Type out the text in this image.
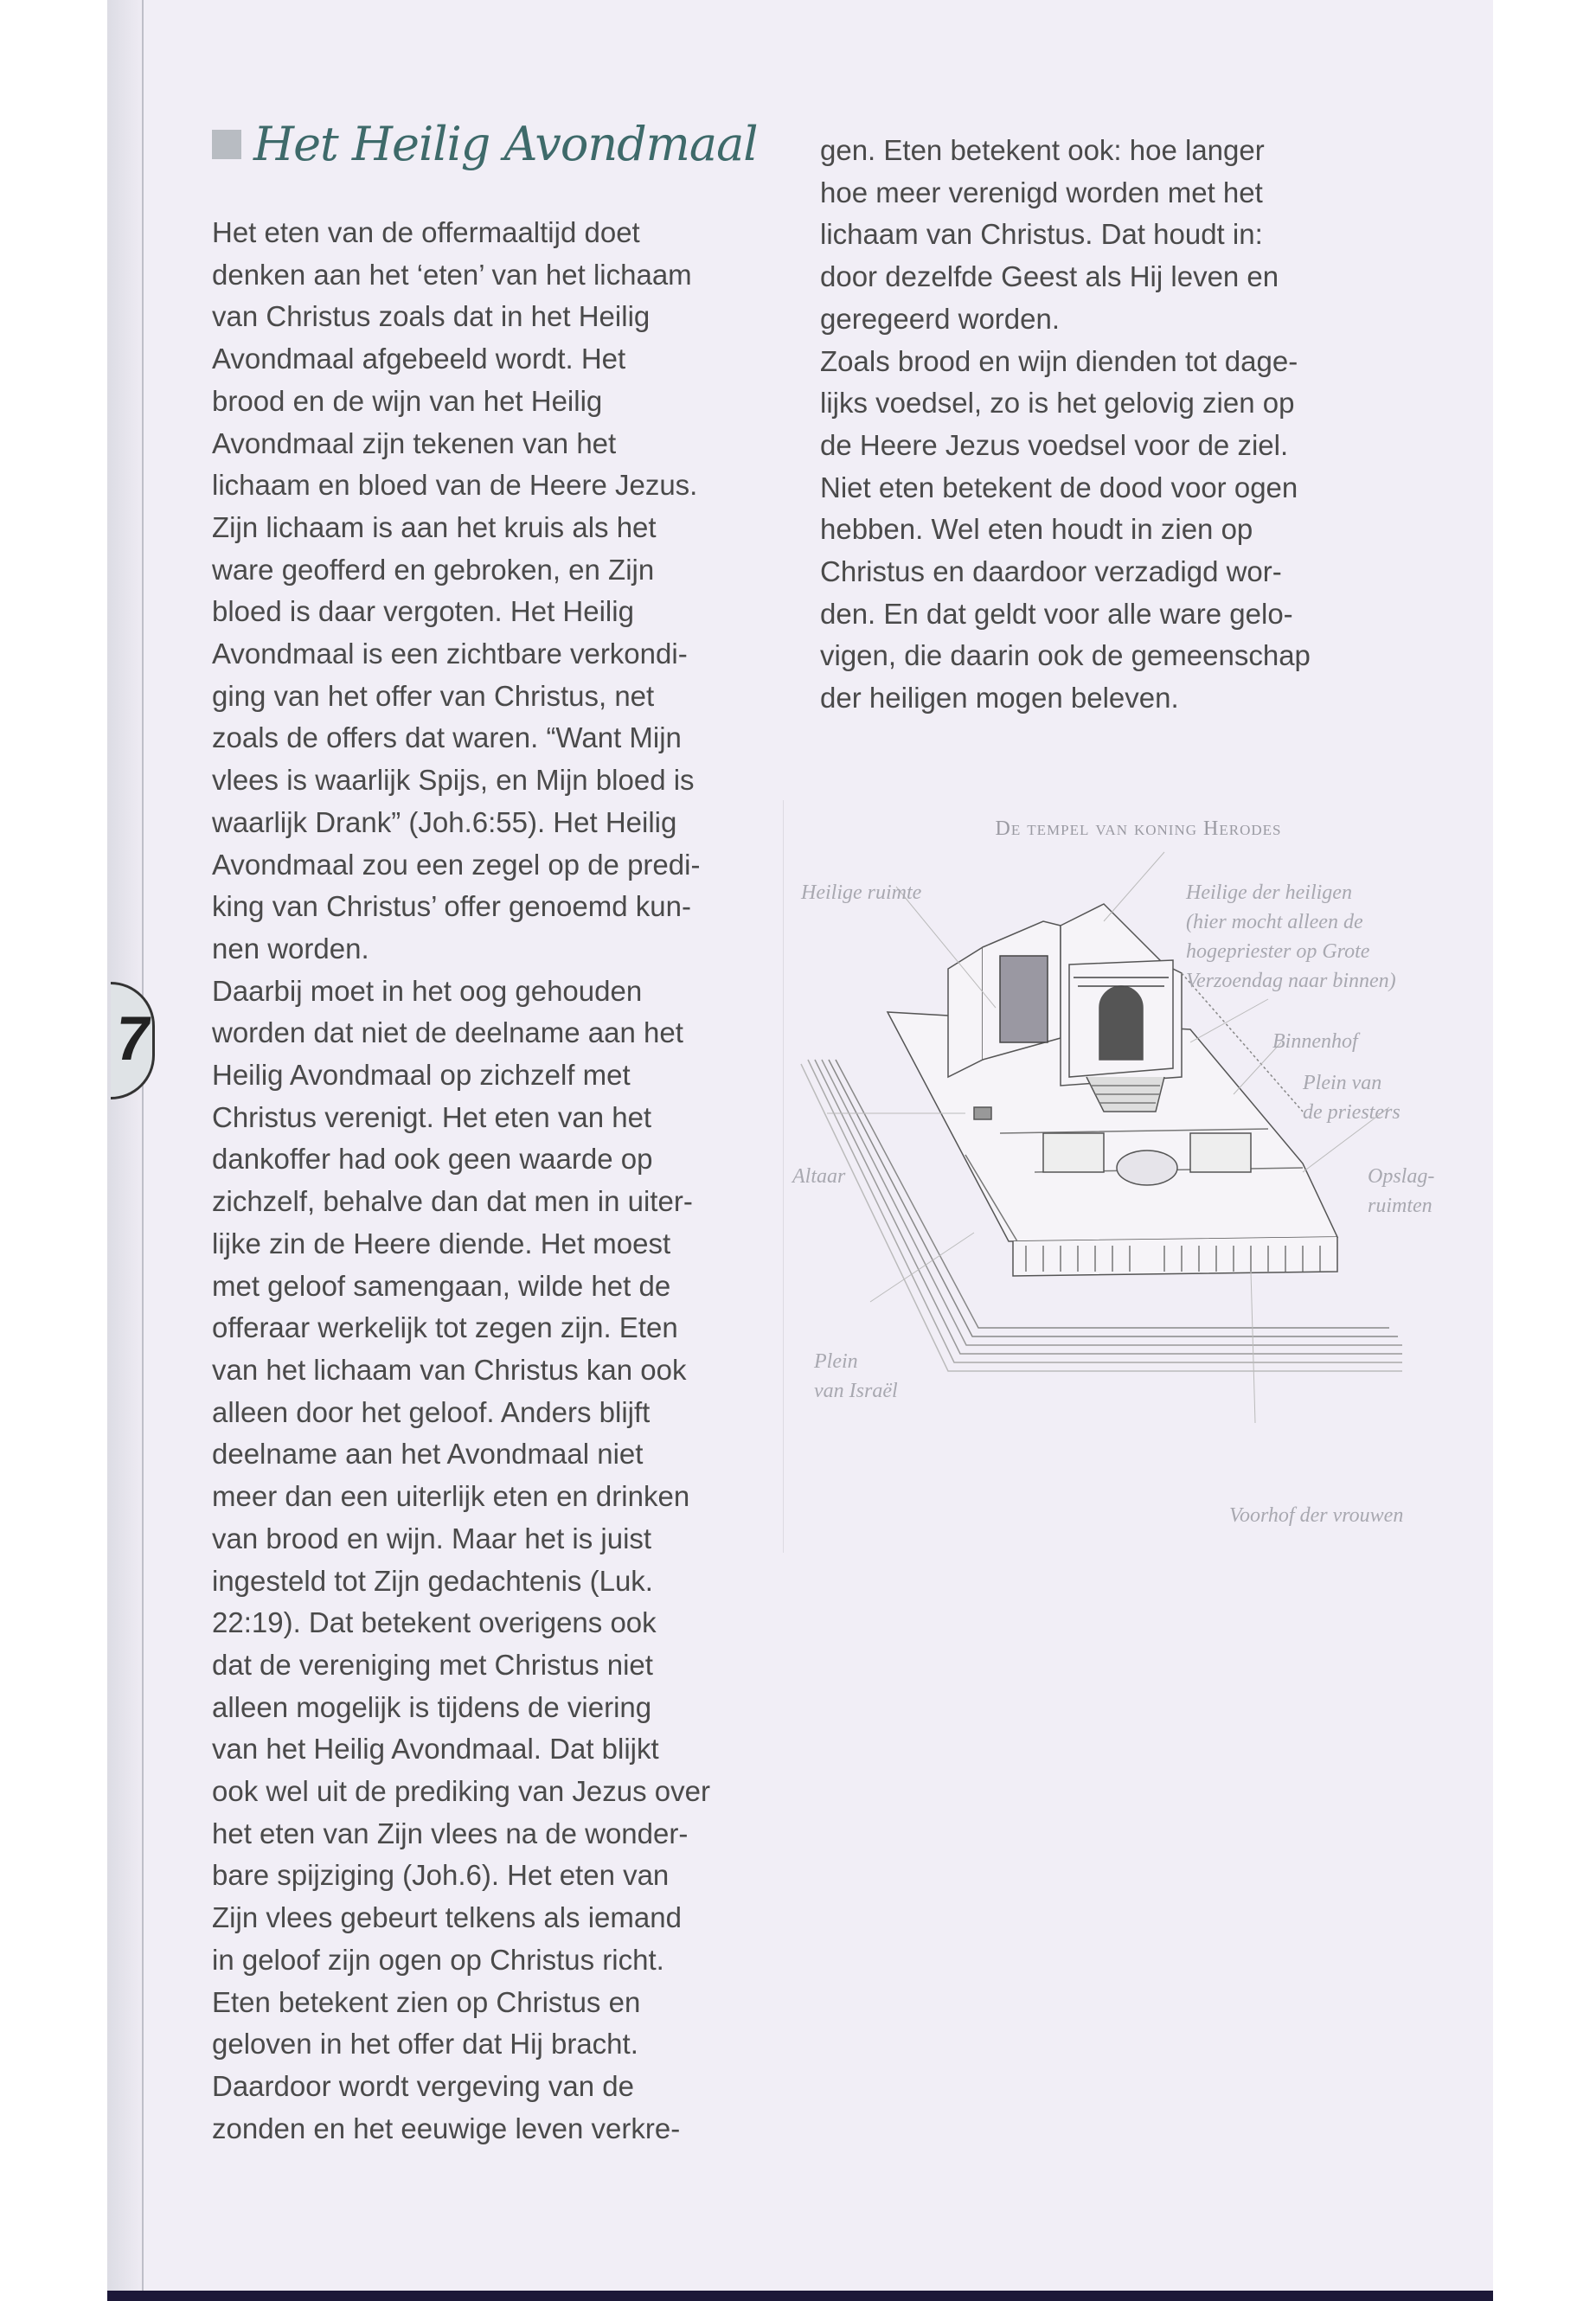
7
Het Heilig Avondmaal
Het eten van de offermaaltijd doet
denken aan het ‘eten’ van het lichaam
van Christus zoals dat in het Heilig
Avondmaal afgebeeld wordt. Het
brood en de wijn van het Heilig
Avondmaal zijn tekenen van het
lichaam en bloed van de Heere Jezus.
Zijn lichaam is aan het kruis als het
ware geofferd en gebroken, en Zijn
bloed is daar vergoten. Het Heilig
Avondmaal is een zichtbare verkondi-
ging van het offer van Christus, net
zoals de offers dat waren. “Want Mijn
vlees is waarlijk Spijs, en Mijn bloed is
waarlijk Drank” (Joh.6:55). Het Heilig
Avondmaal zou een zegel op de predi-
king van Christus’ offer genoemd kun-
nen worden.
Daarbij moet in het oog gehouden
worden dat niet de deelname aan het
Heilig Avondmaal op zichzelf met
Christus verenigt. Het eten van het
dankoffer had ook geen waarde op
zichzelf, behalve dan dat men in uiter-
lijke zin de Heere diende. Het moest
met geloof samengaan, wilde het de
offeraar werkelijk tot zegen zijn. Eten
van het lichaam van Christus kan ook
alleen door het geloof. Anders blijft
deelname aan het Avondmaal niet
meer dan een uiterlijk eten en drinken
van brood en wijn. Maar het is juist
ingesteld tot Zijn gedachtenis (Luk.
22:19). Dat betekent overigens ook
dat de vereniging met Christus niet
alleen mogelijk is tijdens de viering
van het Heilig Avondmaal. Dat blijkt
ook wel uit de prediking van Jezus over
het eten van Zijn vlees na de wonder-
bare spijziging (Joh.6). Het eten van
Zijn vlees gebeurt telkens als iemand
in geloof zijn ogen op Christus richt.
Eten betekent zien op Christus en
geloven in het offer dat Hij bracht.
Daardoor wordt vergeving van de
zonden en het eeuwige leven verkre-
gen. Eten betekent ook: hoe langer
hoe meer verenigd worden met het
lichaam van Christus. Dat houdt in:
door dezelfde Geest als Hij leven en
geregeerd worden.
Zoals brood en wijn dienden tot dage-
lijks voedsel, zo is het gelovig zien op
de Heere Jezus voedsel voor de ziel.
Niet eten betekent de dood voor ogen
hebben. Wel eten houdt in zien op
Christus en daardoor verzadigd wor-
den. En dat geldt voor alle ware gelo-
vigen, die daarin ook de gemeenschap
der heiligen mogen beleven.
De tempel van koning Herodes
Heilige ruimte	Heilige der heiligen
(hier mocht alleen de
hogepriester op Grote
Verzoendag naar binnen)
Binnenhof
Plein van
de priesters
Altaar	Opslag-
ruimten
Plein
van Israël
Voorhof der vrouwen
